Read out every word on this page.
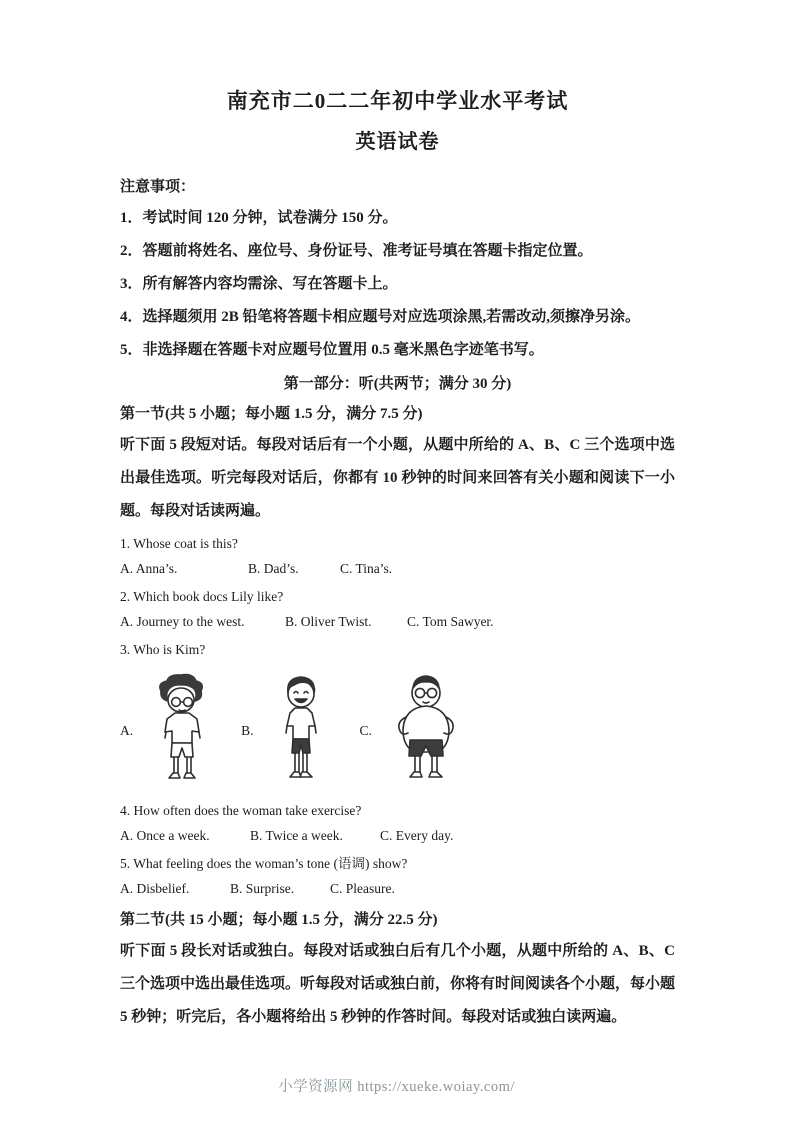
南充市二0二二年初中学业水平考试
英语试卷

注意事项：

1．考试时间 120 分钟，试卷满分 150 分。

2．答题前将姓名、座位号、身份证号、准考证号填在答题卡指定位置。

3．所有解答内容均需涂、写在答题卡上。

4．选择题须用 2B 铅笔将答题卡相应题号对应选项涂黑,若需改动,须擦净另涂。

5．非选择题在答题卡对应题号位置用 0.5 毫米黑色字迹笔书写。

第一部分：听(共两节；满分 30 分)

第一节(共 5 小题；每小题 1.5 分，满分 7.5 分)

听下面 5 段短对话。每段对话后有一个小题，从题中所给的 A、B、C 三个选项中选出最佳选项。听完每段对话后，你都有 10 秒钟的时间来回答有关小题和阅读下一小题。每段对话读两遍。

1. Whose coat is this?

A. Anna’s.	B. Dad’s.	C. Tina’s.

2. Which book docs Lily like?

A. Journey to the west.	B. Oliver Twist.	C. Tom Sawyer.

3. Who is Kim?

A.	B.	C.

4. How often does the woman take exercise?

A. Once a week.	B. Twice a week.	C. Every day.

5. What feeling does the woman’s tone (语调) show?

A. Disbelief.	B. Surprise.	C. Pleasure.

第二节(共 15 小题；每小题 1.5 分，满分 22.5 分)

听下面 5 段长对话或独白。每段对话或独白后有几个小题，从题中所给的 A、B、C 三个选项中选出最佳选项。听每段对话或独白前，你将有时间阅读各个小题，每小题 5 秒钟；听完后，各小题将给出 5 秒钟的作答时间。每段对话或独白读两遍。

小学资源网 https://xueke.woiay.com/
